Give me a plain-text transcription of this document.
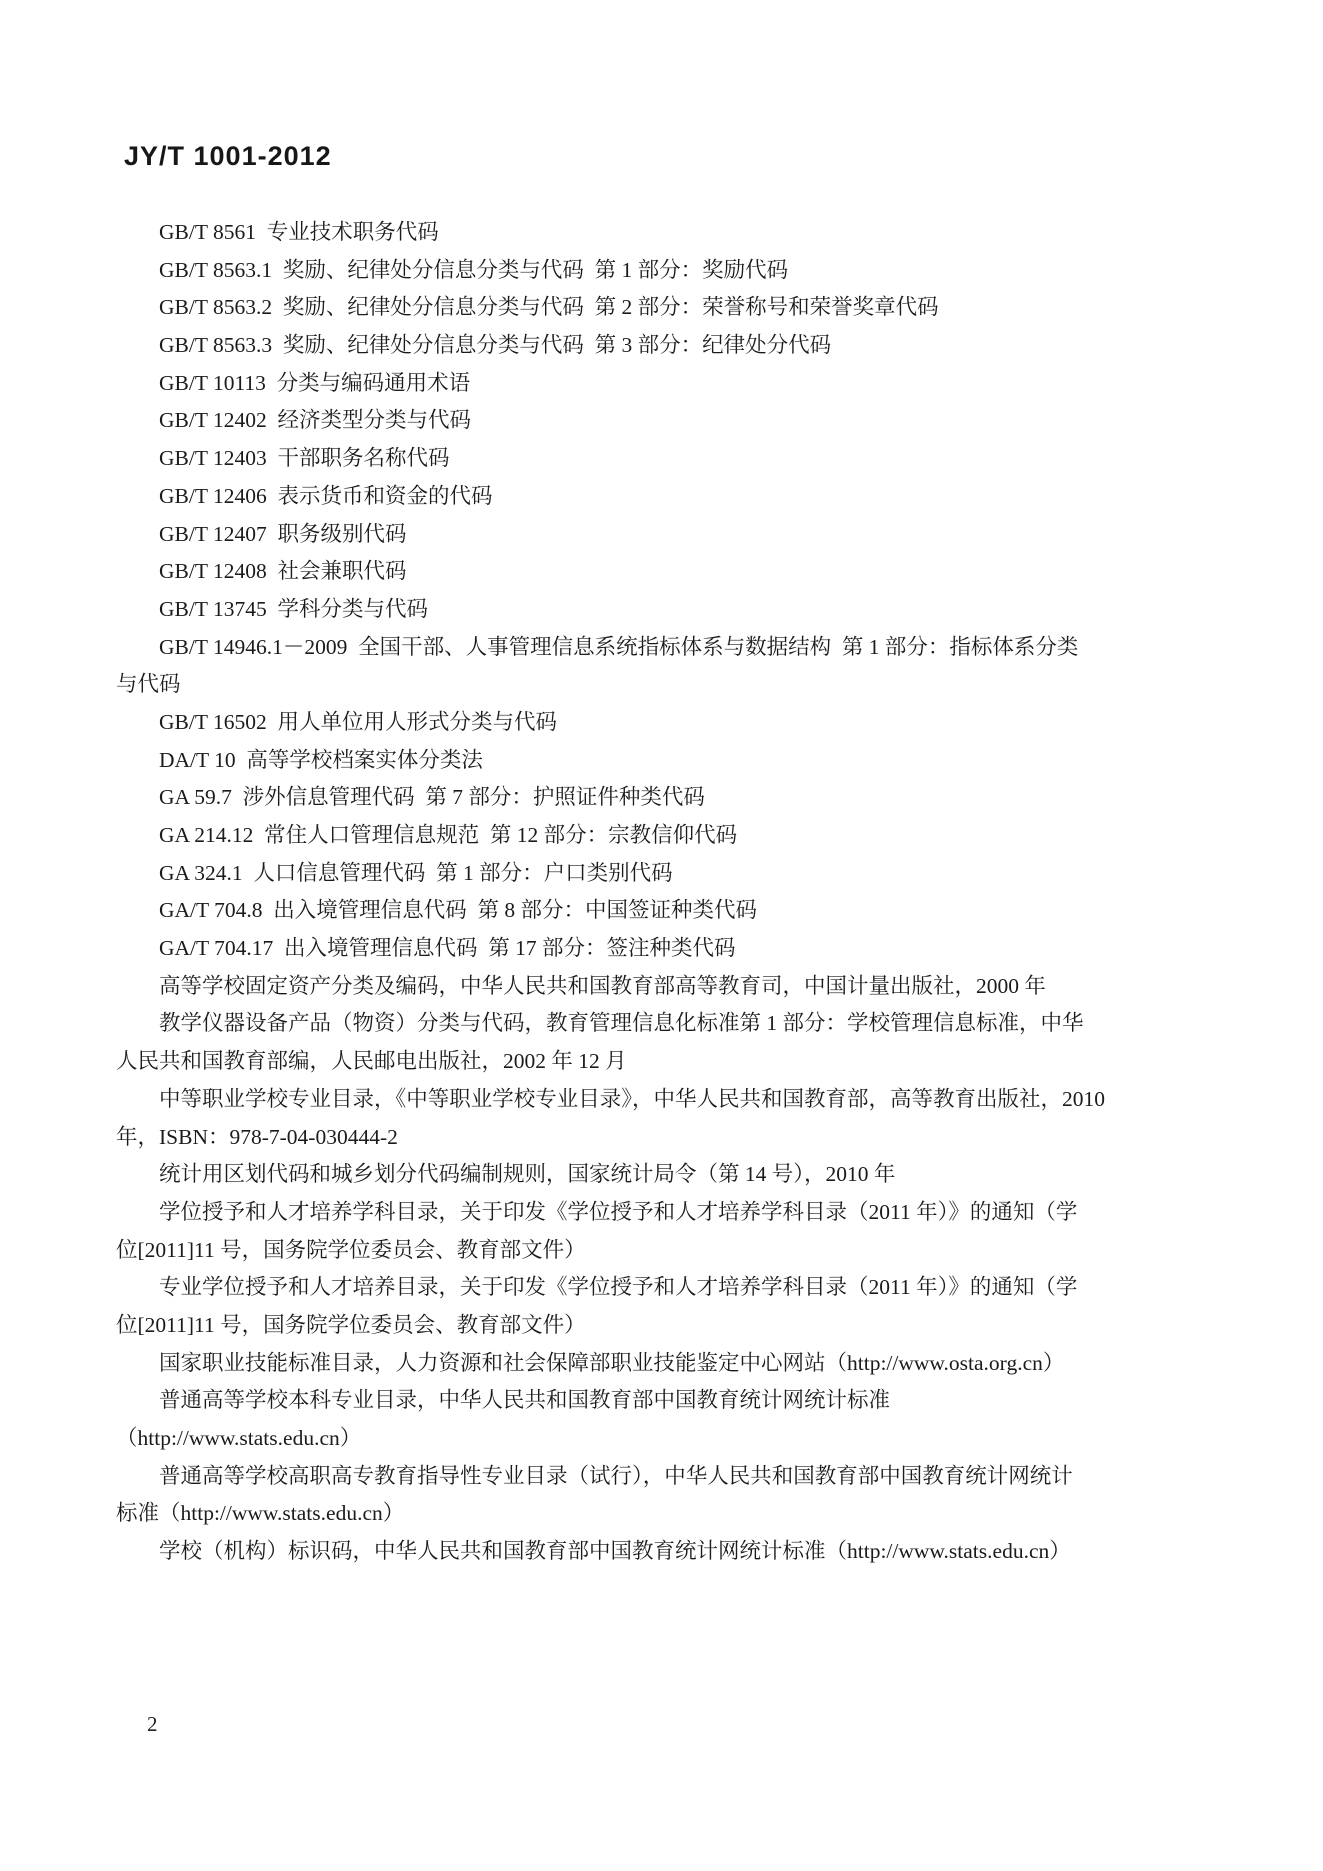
JY/T 1001-2012
GB/T 8561  专业技术职务代码
GB/T 8563.1  奖励、纪律处分信息分类与代码  第 1 部分：奖励代码
GB/T 8563.2  奖励、纪律处分信息分类与代码  第 2 部分：荣誉称号和荣誉奖章代码
GB/T 8563.3  奖励、纪律处分信息分类与代码  第 3 部分：纪律处分代码
GB/T 10113  分类与编码通用术语
GB/T 12402  经济类型分类与代码
GB/T 12403  干部职务名称代码
GB/T 12406  表示货币和资金的代码
GB/T 12407  职务级别代码
GB/T 12408  社会兼职代码
GB/T 13745  学科分类与代码
GB/T 14946.1－2009  全国干部、人事管理信息系统指标体系与数据结构  第 1 部分：指标体系分类
与代码
GB/T 16502  用人单位用人形式分类与代码
DA/T 10  高等学校档案实体分类法
GA 59.7  涉外信息管理代码  第 7 部分：护照证件种类代码
GA 214.12  常住人口管理信息规范  第 12 部分：宗教信仰代码
GA 324.1  人口信息管理代码  第 1 部分：户口类别代码
GA/T 704.8  出入境管理信息代码  第 8 部分：中国签证种类代码
GA/T 704.17  出入境管理信息代码  第 17 部分：签注种类代码
高等学校固定资产分类及编码，中华人民共和国教育部高等教育司，中国计量出版社，2000 年
教学仪器设备产品（物资）分类与代码，教育管理信息化标准第 1 部分：学校管理信息标准，中华
人民共和国教育部编，人民邮电出版社，2002 年 12 月
中等职业学校专业目录，《中等职业学校专业目录》，中华人民共和国教育部，高等教育出版社，2010
年，ISBN：978-7-04-030444-2
统计用区划代码和城乡划分代码编制规则，国家统计局令（第 14 号），2010 年
学位授予和人才培养学科目录，关于印发《学位授予和人才培养学科目录（2011 年）》的通知（学
位[2011]11 号，国务院学位委员会、教育部文件）
专业学位授予和人才培养目录，关于印发《学位授予和人才培养学科目录（2011 年）》的通知（学
位[2011]11 号，国务院学位委员会、教育部文件）
国家职业技能标准目录，人力资源和社会保障部职业技能鉴定中心网站（http://www.osta.org.cn）
普通高等学校本科专业目录，中华人民共和国教育部中国教育统计网统计标准
（http://www.stats.edu.cn）
普通高等学校高职高专教育指导性专业目录（试行），中华人民共和国教育部中国教育统计网统计
标准（http://www.stats.edu.cn）
学校（机构）标识码，中华人民共和国教育部中国教育统计网统计标准（http://www.stats.edu.cn）
2
